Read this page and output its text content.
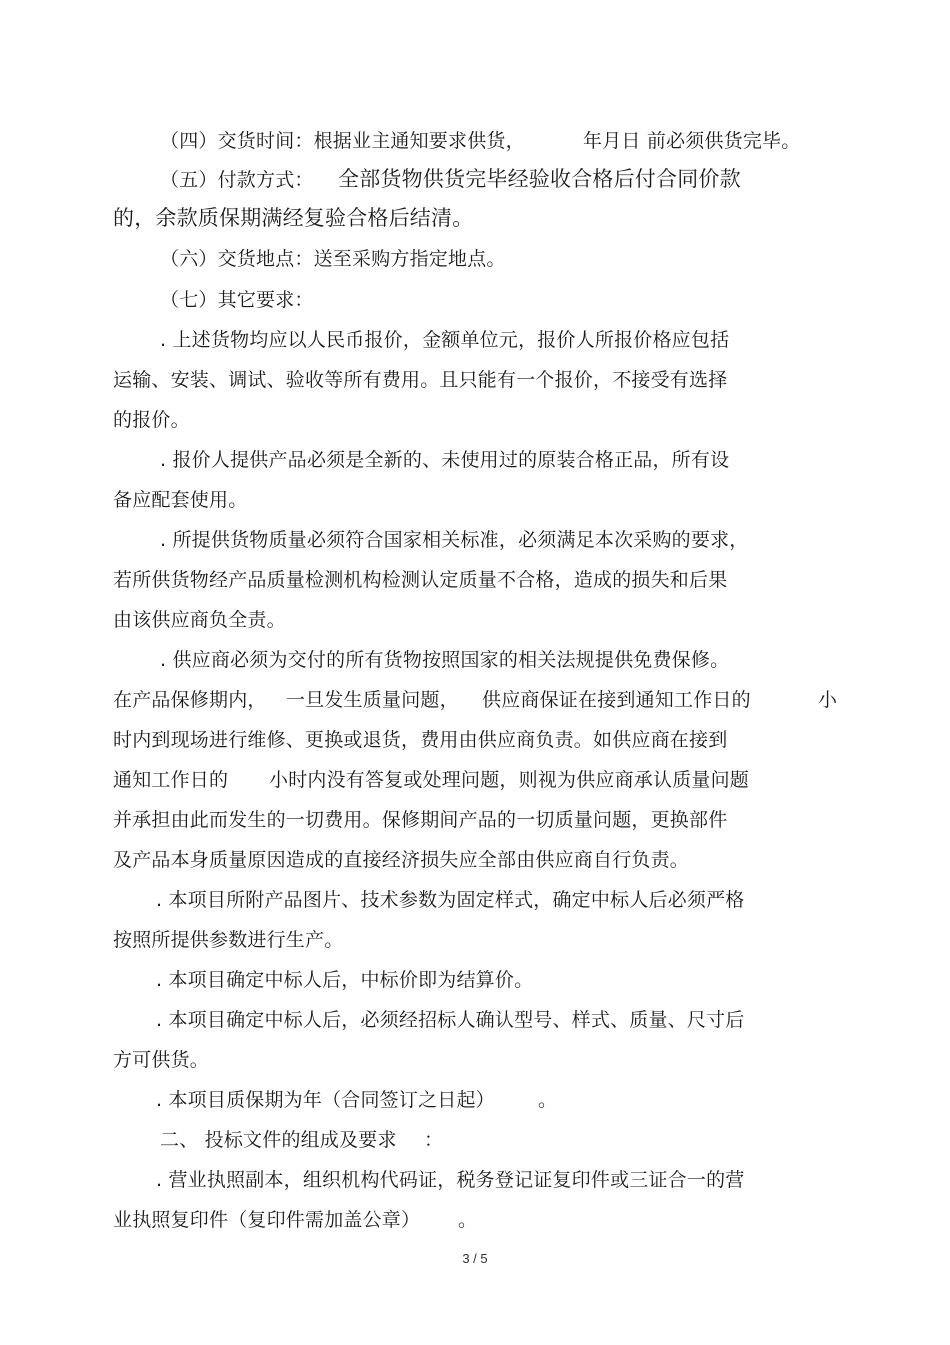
（四）交货时间：根据业主通知要求供货，	年月日 前必须供货完毕。
（五）付款方式： 全部货物供货完毕经验收合格后付合同价款
的，余款质保期满经复验合格后结清。
（六）交货地点：送至采购方指定地点。
（七）其它要求：
. 上述货物均应以人民币报价，金额单位元，报价人所报价格应包括
运输、安装、调试、验收等所有费用。且只能有一个报价，不接受有选择
的报价。
. 报价人提供产品必须是全新的、未使用过的原装合格正品，所有设
备应配套使用。
. 所提供货物质量必须符合国家相关标准，必须满足本次采购的要求，
若所供货物经产品质量检测机构检测认定质量不合格，造成的损失和后果
由该供应商负全责。
. 供应商必须为交付的所有货物按照国家的相关法规提供免费保修。
在产品保修期内， 一旦发生质量问题， 供应商保证在接到通知工作日的	小
时内到现场进行维修、更换或退货，费用由供应商负责。如供应商在接到
通知工作日的 小时内没有答复或处理问题，则视为供应商承认质量问题
并承担由此而发生的一切费用。保修期间产品的一切质量问题，更换部件
及产品本身质量原因造成的直接经济损失应全部由供应商自行负责。
. 本项目所附产品图片、技术参数为固定样式，确定中标人后必须严格
按照所提供参数进行生产。
. 本项目确定中标人后，中标价即为结算价。
. 本项目确定中标人后，必须经招标人确认型号、样式、质量、尺寸后
方可供货。
. 本项目质保期为年（合同签订之日起） 。
二、 投标文件的组成及要求 ：
. 营业执照副本，组织机构代码证，税务登记证复印件或三证合一的营
业执照复印件（复印件需加盖公章） 。
3 / 5
